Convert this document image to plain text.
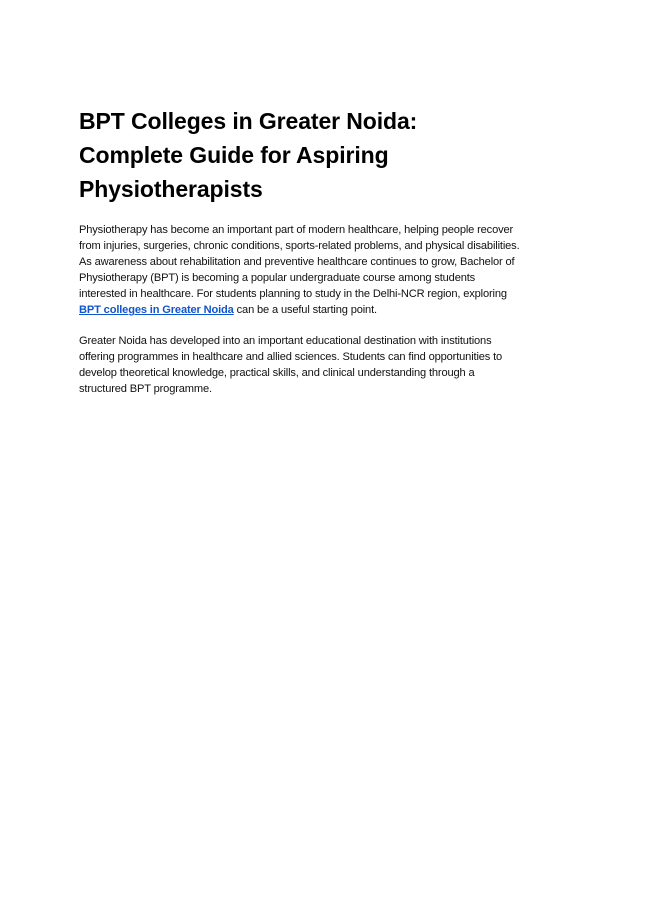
BPT Colleges in Greater Noida:
Complete Guide for Aspiring
Physiotherapists

Physiotherapy has become an important part of modern healthcare, helping people recover
from injuries, surgeries, chronic conditions, sports-related problems, and physical disabilities.
As awareness about rehabilitation and preventive healthcare continues to grow, Bachelor of
Physiotherapy (BPT) is becoming a popular undergraduate course among students
interested in healthcare. For students planning to study in the Delhi-NCR region, exploring
BPT colleges in Greater Noida can be a useful starting point.

Greater Noida has developed into an important educational destination with institutions
offering programmes in healthcare and allied sciences. Students can find opportunities to
develop theoretical knowledge, practical skills, and clinical understanding through a
structured BPT programme.
